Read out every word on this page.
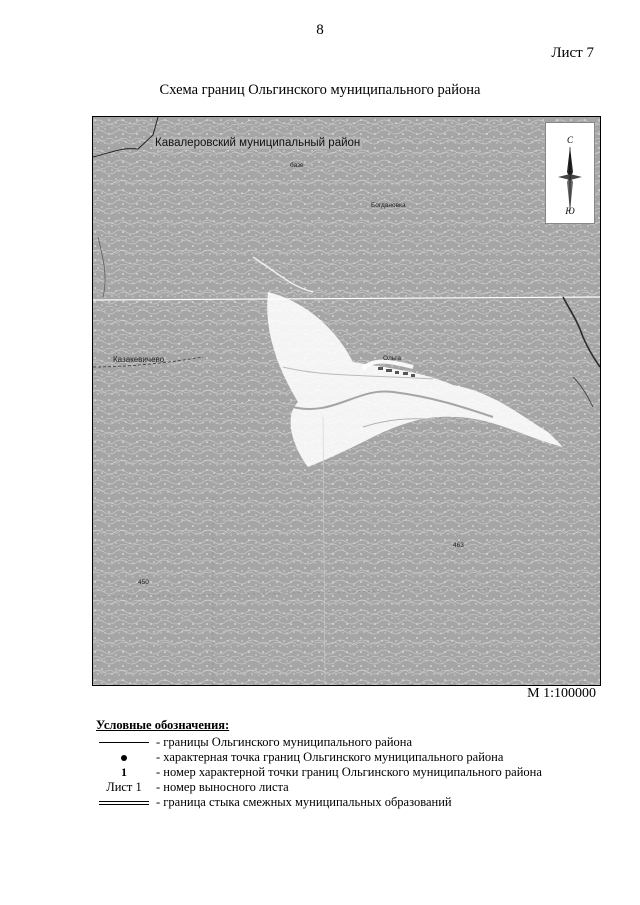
8
Лист 7
Схема границ Ольгинского муниципального района
Кавалеровский муниципальный район
базе
Богдановка
Казакевичево	Ольга
463
450
С
Ю
М 1:100000
Условные обозначения:
- границы Ольгинского муниципального района
- характерная точка границ Ольгинского муниципального района
1 - номер характерной точки границ Ольгинского муниципального района
Лист 1 - номер выносного листа
- граница стыка смежных муниципальных образований
